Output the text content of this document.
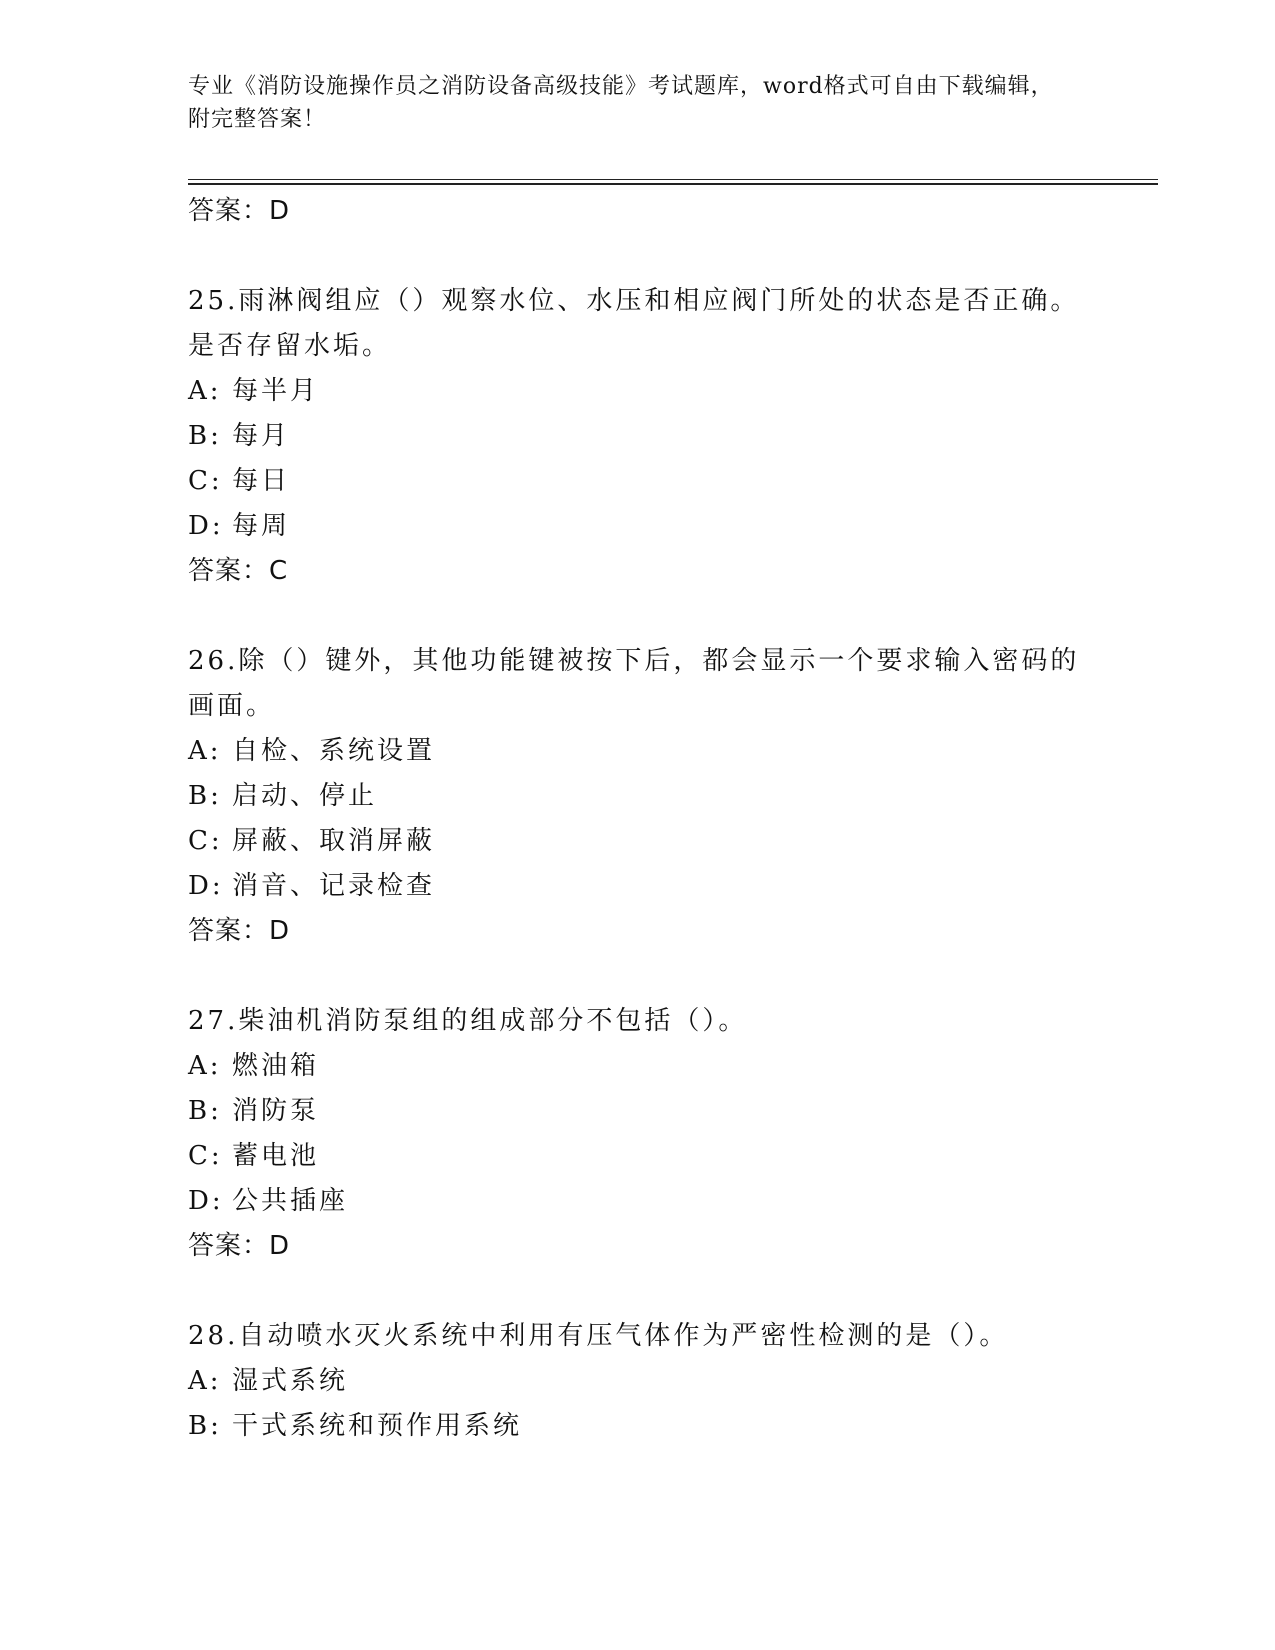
专业《消防设施操作员之消防设备高级技能》考试题库，word格式可自由下载编辑，附完整答案！
答案：D
25.雨淋阀组应（）观察水位、水压和相应阀门所处的状态是否正确。是否存留水垢。
A: 每半月
B: 每月
C: 每日
D: 每周
答案：C
26.除（）键外，其他功能键被按下后，都会显示一个要求输入密码的画面。
A: 自检、系统设置
B: 启动、停止
C: 屏蔽、取消屏蔽
D: 消音、记录检查
答案：D
27.柴油机消防泵组的组成部分不包括（）。
A: 燃油箱
B: 消防泵
C: 蓄电池
D: 公共插座
答案：D
28.自动喷水灭火系统中利用有压气体作为严密性检测的是（）。
A: 湿式系统
B: 干式系统和预作用系统
